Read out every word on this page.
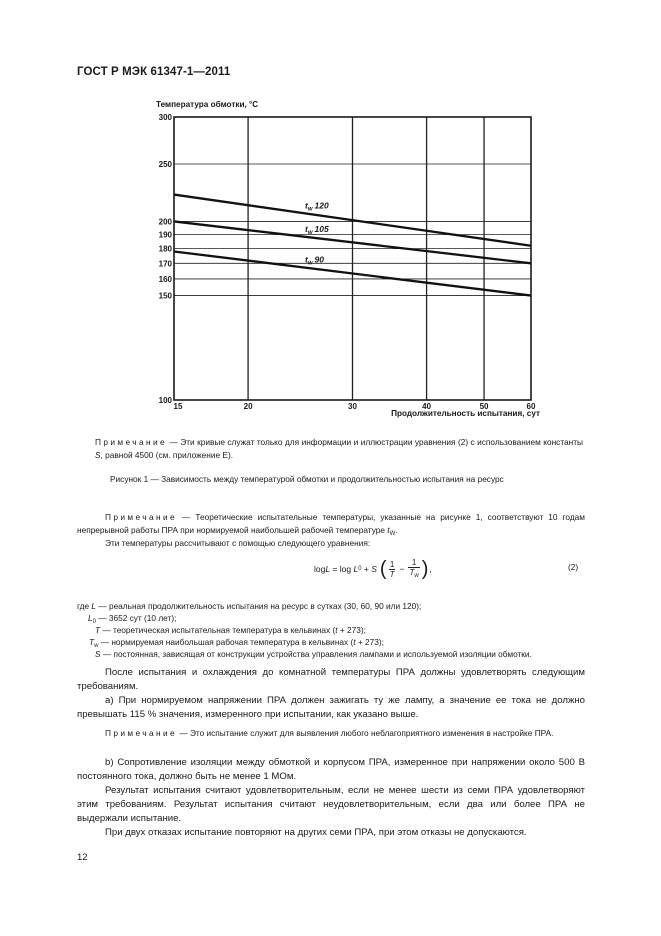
ГОСТ Р МЭК 61347-1—2011
100
150
160
170
180
190
200
250
300
15	20	30	40	50	60
Температура обмотки, °С
Продолжительность испытания, сут
$t_w$ 120
$t_w$ 105
$t_w$ 90
Примечание — Эти кривые служат только для информации и иллюстрации уравнения (2) с использованием константы S, равной 4500 (см. приложение Е).
Рисунок 1 — Зависимость между температурой обмотки и продолжительностью испытания на ресурс
Примечание — Теоретические испытательные температуры, указанные на рисунке 1, соответствуют 10 годам непрерывной работы ПРА при нормируемой наибольшей рабочей температуре $t_W$.
Эти температуры рассчитывают с помощью следующего уравнения:
log L = log L 0 + S ( $\frac{1}{T} - \frac{1}{T_w}$ ) ,	(2)
где L — реальная продолжительность испытания на ресурс в сутках (30, 60, 90 или 120);
$L_0$ — 3652 сут (10 лет);
T — теоретическая испытательная температура в кельвинах (t + 273);
$T_w$ — нормируемая наибольшая рабочая температура в кельвинах (t + 273);
S — постоянная, зависящая от конструкции устройства управления лампами и используемой изоляции обмотки.
После испытания и охлаждения до комнатной температуры ПРА должны удовлетворять следующим требованиям.
а) При нормируемом напряжении ПРА должен зажигать ту же лампу, а значение ее тока не должно превышать 115 % значения, измеренного при испытании, как указано выше.
Примечание — Это испытание служит для выявления любого неблагоприятного изменения в настройке ПРА.
b) Сопротивление изоляции между обмоткой и корпусом ПРА, измеренное при напряжении около 500 В постоянного тока, должно быть не менее 1 МОм.
Результат испытания считают удовлетворительным, если не менее шести из семи ПРА удовлетворяют этим требованиям. Результат испытания считают неудовлетворительным, если два или более ПРА не выдержали испытание.
При двух отказах испытание повторяют на других семи ПРА, при этом отказы не допускаются.
12
